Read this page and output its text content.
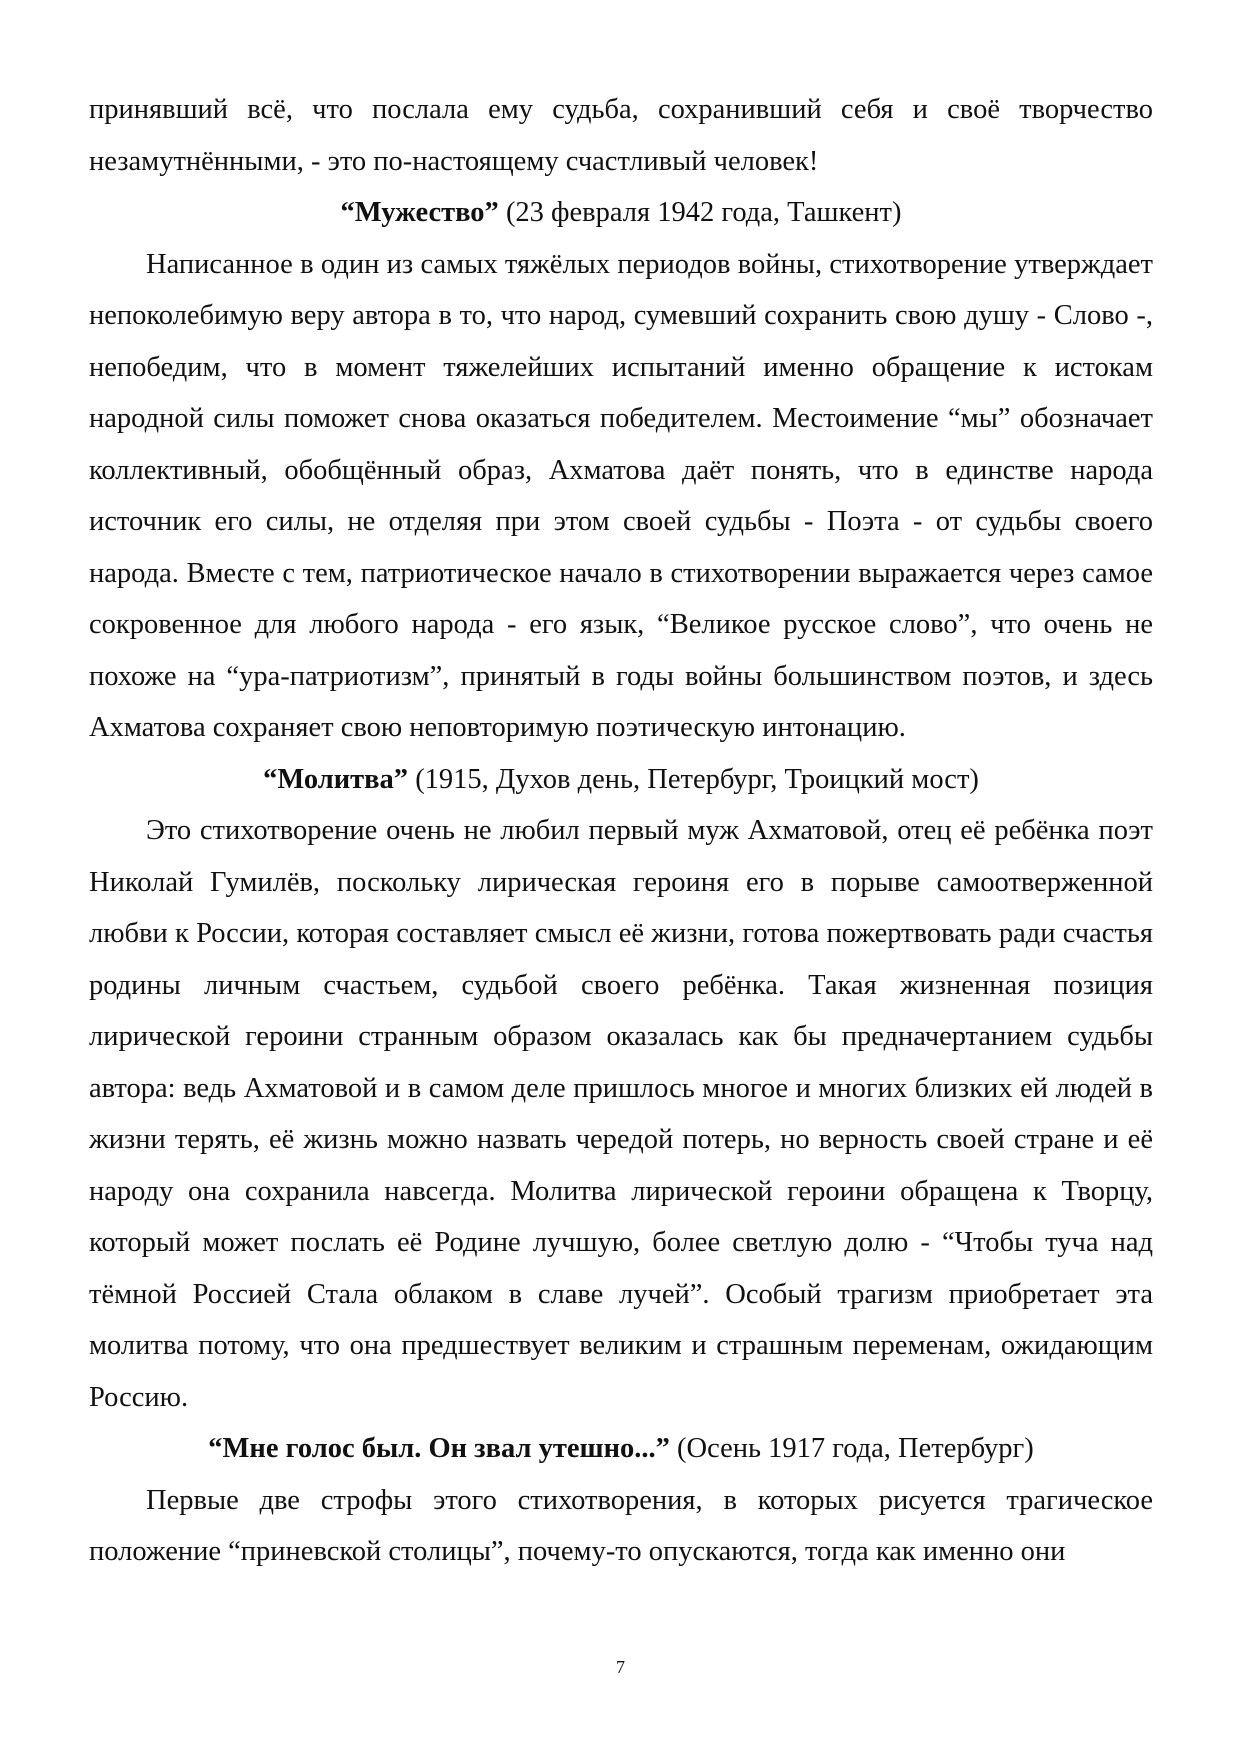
принявший всё, что послала ему судьба, сохранивший себя и своё творчество незамутнёнными, - это по-настоящему счастливый человек!

“Мужество” (23 февраля 1942 года, Ташкент)

Написанное в один из самых тяжёлых периодов войны, стихотворение утверждает непоколебимую веру автора в то, что народ, сумевший сохранить свою душу - Слово -, непобедим, что в момент тяжелейших испытаний именно обращение к истокам народной силы поможет снова оказаться победителем. Местоимение “мы” обозначает коллективный, обобщённый образ, Ахматова даёт понять, что в единстве народа источник его силы, не отделяя при этом своей судьбы - Поэта - от судьбы своего народа. Вместе с тем, патриотическое начало в стихотворении выражается через самое сокровенное для любого народа - его язык, “Великое русское слово”, что очень не похоже на “ура-патриотизм”, принятый в годы войны большинством поэтов, и здесь Ахматова сохраняет свою неповторимую поэтическую интонацию.

“Молитва” (1915, Духов день, Петербург, Троицкий мост)

Это стихотворение очень не любил первый муж Ахматовой, отец её ребёнка поэт Николай Гумилёв, поскольку лирическая героиня его в порыве самоотверженной любви к России, которая составляет смысл её жизни, готова пожертвовать ради счастья родины личным счастьем, судьбой своего ребёнка. Такая жизненная позиция лирической героини странным образом оказалась как бы предначертанием судьбы автора: ведь Ахматовой и в самом деле пришлось многое и многих близких ей людей в жизни терять, её жизнь можно назвать чередой потерь, но верность своей стране и её народу она сохранила навсегда. Молитва лирической героини обращена к Творцу, который может послать её Родине лучшую, более светлую долю - “Чтобы туча над тёмной Россией Стала облаком в славе лучей”. Особый трагизм приобретает эта молитва потому, что она предшествует великим и страшным переменам, ожидающим Россию.

“Мне голос был. Он звал утешно...” (Осень 1917 года, Петербург)

Первые две строфы этого стихотворения, в которых рисуется трагическое положение “приневской столицы”, почему-то опускаются, тогда как именно они

7
